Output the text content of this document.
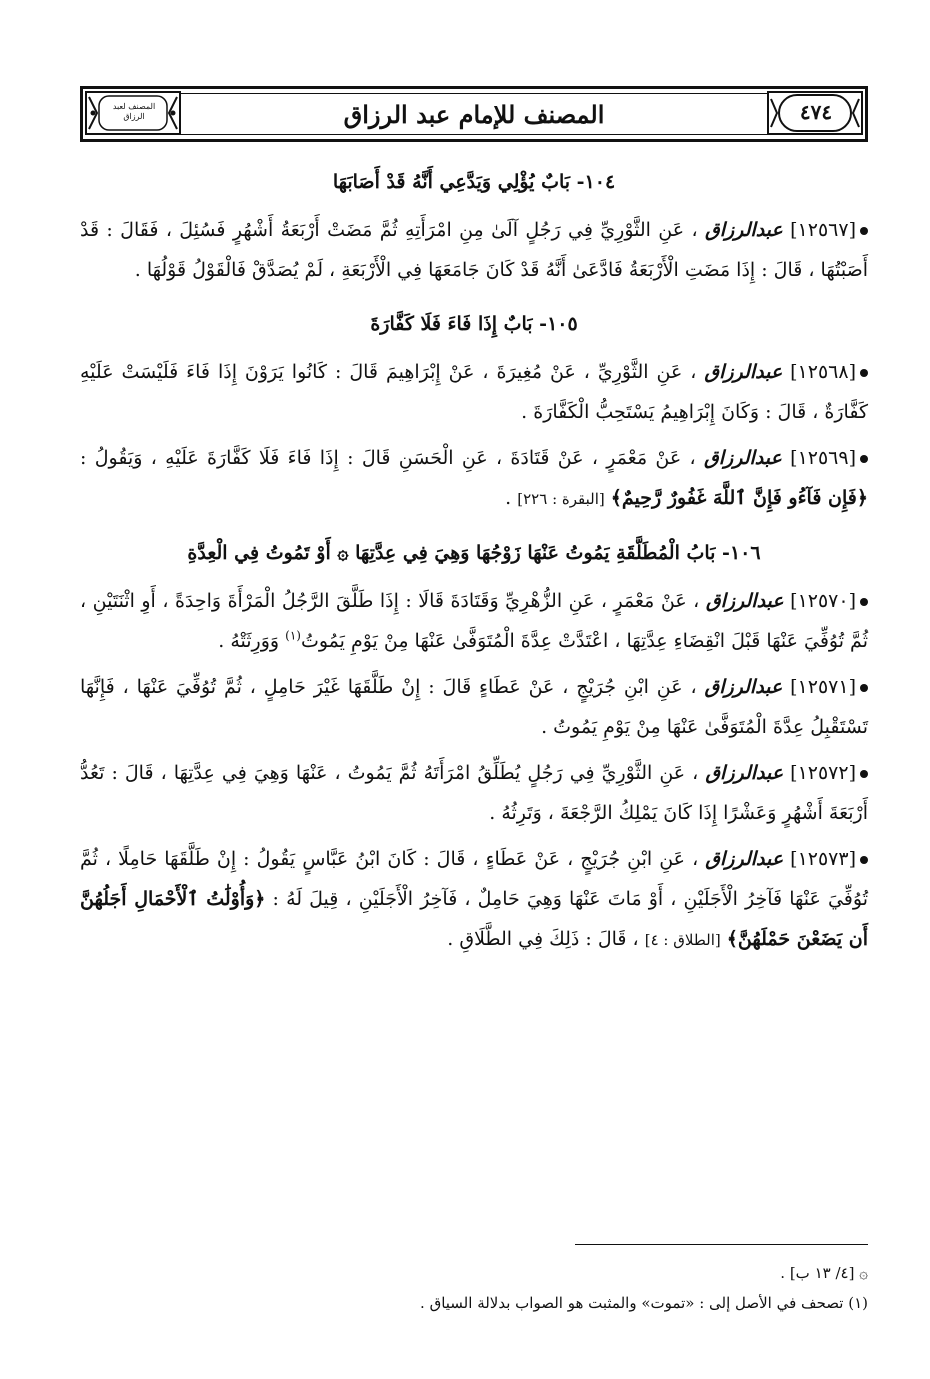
المصنف لعبد الرزاق	المصنف للإمام عبد الرزاق	٤٧٤
١٠٤- بَابٌ يُؤْلِي وَيَدَّعِي أَنَّهُ قَدْ أَصَابَهَا
[١٢٥٦٧] عبدالرزاق ، عَنِ الثَّوْرِيِّ فِي رَجُلٍ آلَىٰ مِنِ امْرَأَتِهِ ثُمَّ مَضَتْ أَرْبَعَةُ أَشْهُرٍ فَسُئِلَ ، فَقَالَ : قَدْ أَصَبْتُهَا ، قَالَ : إِذَا مَضَتِ الْأَرْبَعَةُ فَادَّعَىٰ أَنَّهُ قَدْ كَانَ جَامَعَهَا فِي الْأَرْبَعَةِ ، لَمْ يُصَدَّقْ فَالْقَوْلُ قَوْلُهَا .
١٠٥- بَابٌ إِذَا فَاءَ فَلَا كَفَّارَةَ
[١٢٥٦٨] عبدالرزاق ، عَنِ الثَّوْرِيِّ ، عَنْ مُغِيرَةَ ، عَنْ إِبْرَاهِيمَ قَالَ : كَانُوا يَرَوْنَ إِذَا فَاءَ فَلَيْسَتْ عَلَيْهِ كَفَّارَةٌ ، قَالَ : وَكَانَ إِبْرَاهِيمُ يَسْتَحِبُّ الْكَفَّارَةَ .
[١٢٥٦٩] عبدالرزاق ، عَنْ مَعْمَرٍ ، عَنْ قَتَادَةَ ، عَنِ الْحَسَنِ قَالَ : إِذَا فَاءَ فَلَا كَفَّارَةَ عَلَيْهِ ، وَيَقُولُ : ﴿فَإِن فَآءُو فَإِنَّ ٱللَّهَ غَفُورٌ رَّحِيمٌ﴾ [البقرة : ٢٢٦] .
١٠٦- بَابُ الْمُطَلَّقَةِ يَمُوتُ عَنْهَا زَوْجُهَا وَهِيَ فِي عِدَّتِهَا ۞ أَوْ تَمُوتُ فِي الْعِدَّةِ
[١٢٥٧٠] عبدالرزاق ، عَنْ مَعْمَرٍ ، عَنِ الزُّهْرِيِّ وَقَتَادَةَ قَالَا : إِذَا طَلَّقَ الرَّجُلُ الْمَرْأَةَ وَاحِدَةً ، أَوِ اثْنَتَيْنِ ، ثُمَّ تُوُفِّيَ عَنْهَا قَبْلَ انْقِضَاءِ عِدَّتِهَا ، اعْتَدَّتْ عِدَّةَ الْمُتَوَفَّىٰ عَنْهَا مِنْ يَوْمِ يَمُوتُ$^{(١)}$ وَوَرِثَتْهُ .
[١٢٥٧١] عبدالرزاق ، عَنِ ابْنِ جُرَيْجٍ ، عَنْ عَطَاءٍ قَالَ : إِنْ طَلَّقَهَا غَيْرَ حَامِلٍ ، ثُمَّ تُوُفِّيَ عَنْهَا ، فَإِنَّهَا تَسْتَقْبِلُ عِدَّةَ الْمُتَوَفَّىٰ عَنْهَا مِنْ يَوْمِ يَمُوتُ .
[١٢٥٧٢] عبدالرزاق ، عَنِ الثَّوْرِيِّ فِي رَجُلٍ يُطَلِّقُ امْرَأَتَهُ ثُمَّ يَمُوتُ ، عَنْهَا وَهِيَ فِي عِدَّتِهَا ، قَالَ : تَعُدُّ أَرْبَعَةَ أَشْهُرٍ وَعَشْرًا إِذَا كَانَ يَمْلِكُ الرَّجْعَةَ ، وَتَرِثُهُ .
[١٢٥٧٣] عبدالرزاق ، عَنِ ابْنِ جُرَيْجٍ ، عَنْ عَطَاءٍ ، قَالَ : كَانَ ابْنُ عَبَّاسٍ يَقُولُ : إِنْ طَلَّقَهَا حَامِلًا ، ثُمَّ تُوُفِّيَ عَنْهَا فَآخِرُ الْأَجَلَيْنِ ، أَوْ مَاتَ عَنْهَا وَهِيَ حَامِلٌ ، فَآخِرُ الْأَجَلَيْنِ ، قِيلَ لَهُ : ﴿وَأُوْلَٰتُ ٱلْأَحْمَالِ أَجَلُهُنَّ أَن يَضَعْنَ حَمْلَهُنَّ﴾ [الطلاق : ٤] ، قَالَ : ذَلِكَ فِي الطَّلَاقِ .
۞ [٤/ ١٣ ب] .
(١) تصحف في الأصل إلى : «تموت» والمثبت هو الصواب بدلالة السياق .
